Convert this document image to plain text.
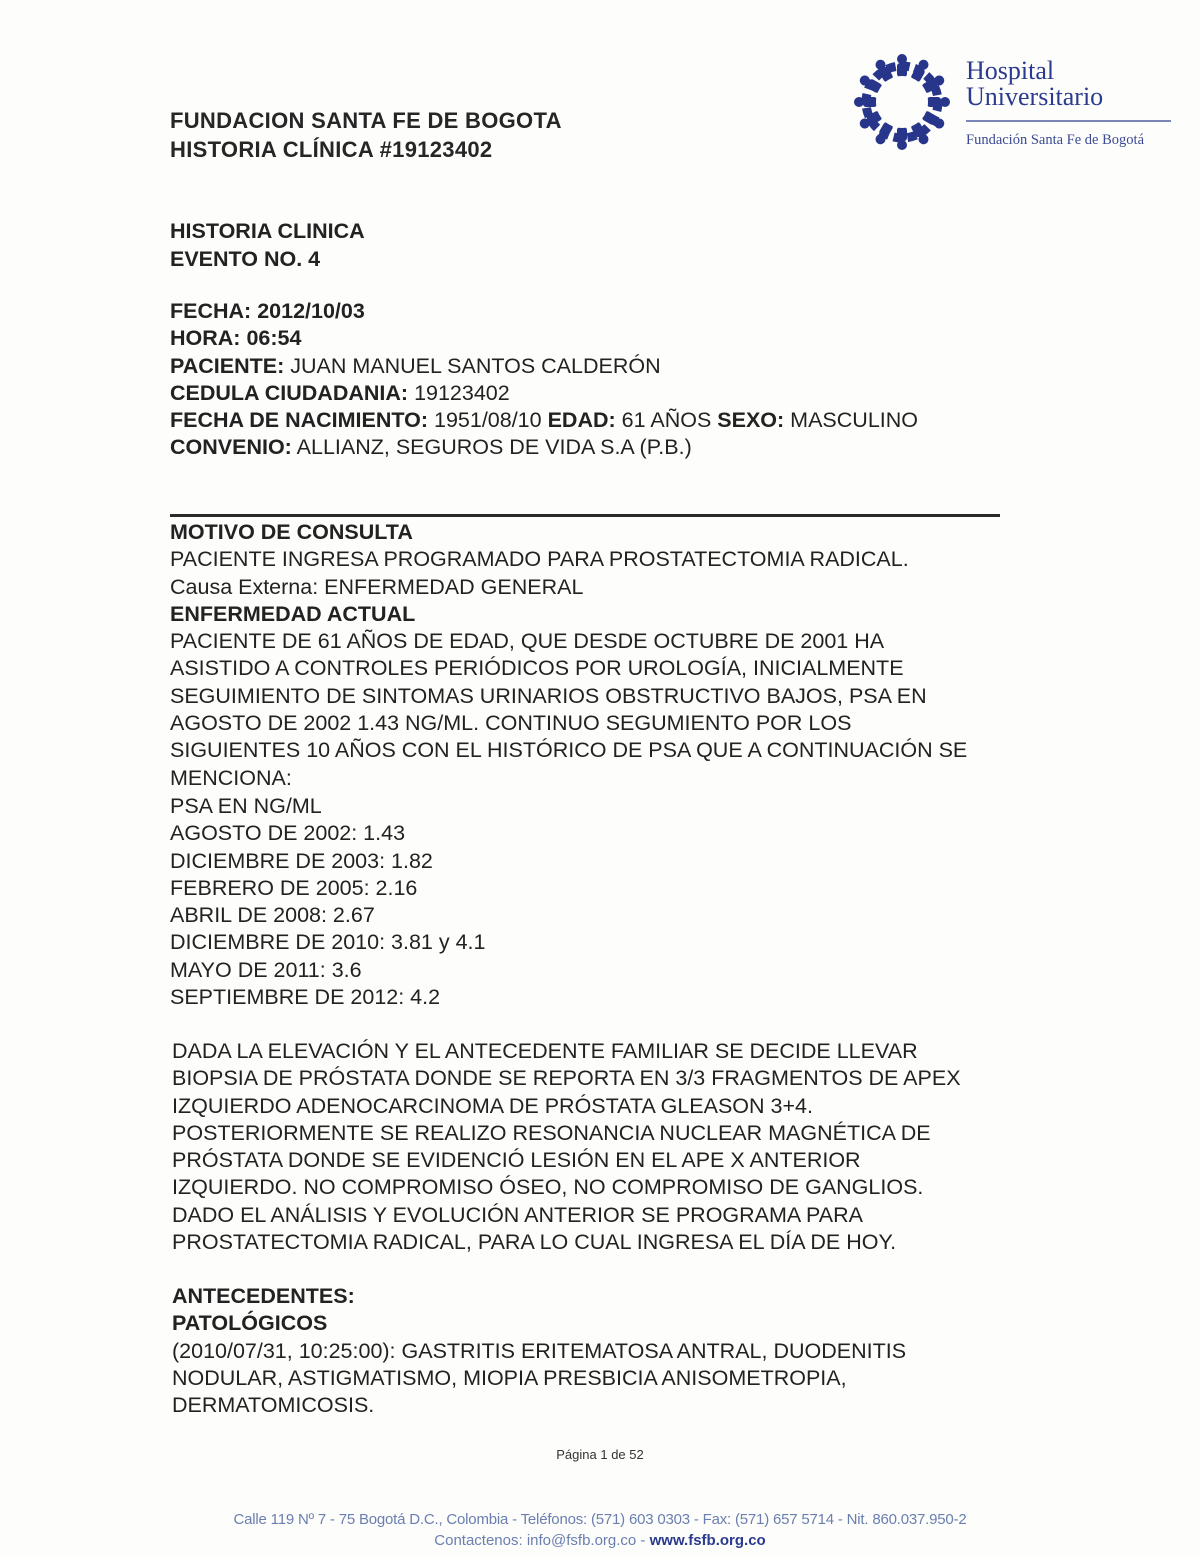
FUNDACION SANTA FE DE BOGOTA
HISTORIA CLÍNICA #19123402
Hospital
Universitario
Fundación Santa Fe de Bogotá
HISTORIA CLINICA
EVENTO NO. 4
FECHA: 2012/10/03
HORA: 06:54
PACIENTE: JUAN MANUEL SANTOS CALDERÓN
CEDULA CIUDADANIA: 19123402
FECHA DE NACIMIENTO: 1951/08/10 EDAD: 61 AÑOS SEXO: MASCULINO
CONVENIO: ALLIANZ, SEGUROS DE VIDA S.A (P.B.)
MOTIVO DE CONSULTA
PACIENTE INGRESA PROGRAMADO PARA PROSTATECTOMIA RADICAL.
Causa Externa: ENFERMEDAD GENERAL
ENFERMEDAD ACTUAL
PACIENTE DE 61 AÑOS DE EDAD, QUE DESDE OCTUBRE DE 2001 HA
ASISTIDO A CONTROLES PERIÓDICOS POR UROLOGÍA, INICIALMENTE
SEGUIMIENTO DE SINTOMAS URINARIOS OBSTRUCTIVO BAJOS, PSA EN
AGOSTO DE 2002 1.43 NG/ML. CONTINUO SEGUMIENTO POR LOS
SIGUIENTES 10 AÑOS CON EL HISTÓRICO DE PSA QUE A CONTINUACIÓN SE
MENCIONA:
PSA EN NG/ML
AGOSTO DE 2002: 1.43
DICIEMBRE DE 2003: 1.82
FEBRERO DE 2005: 2.16
ABRIL DE 2008: 2.67
DICIEMBRE DE 2010: 3.81 y 4.1
MAYO DE 2011: 3.6
SEPTIEMBRE DE 2012: 4.2
DADA LA ELEVACIÓN Y EL ANTECEDENTE FAMILIAR SE DECIDE LLEVAR
BIOPSIA DE PRÓSTATA DONDE SE REPORTA EN 3/3 FRAGMENTOS DE APEX
IZQUIERDO ADENOCARCINOMA DE PRÓSTATA GLEASON 3+4.
POSTERIORMENTE SE REALIZO RESONANCIA NUCLEAR MAGNÉTICA DE
PRÓSTATA DONDE SE EVIDENCIÓ LESIÓN EN EL APE X ANTERIOR
IZQUIERDO. NO COMPROMISO ÓSEO, NO COMPROMISO DE GANGLIOS.
DADO EL ANÁLISIS Y EVOLUCIÓN ANTERIOR SE PROGRAMA PARA
PROSTATECTOMIA RADICAL, PARA LO CUAL INGRESA EL DÍA DE HOY.
ANTECEDENTES:
PATOLÓGICOS
(2010/07/31, 10:25:00): GASTRITIS ERITEMATOSA ANTRAL, DUODENITIS
NODULAR, ASTIGMATISMO, MIOPIA PRESBICIA ANISOMETROPIA,
DERMATOMICOSIS.
Página 1 de 52
Calle 119 Nº 7 - 75 Bogotá D.C., Colombia - Teléfonos: (571) 603 0303 - Fax: (571) 657 5714 - Nit. 860.037.950-2
Contactenos: info@fsfb.org.co - www.fsfb.org.co
